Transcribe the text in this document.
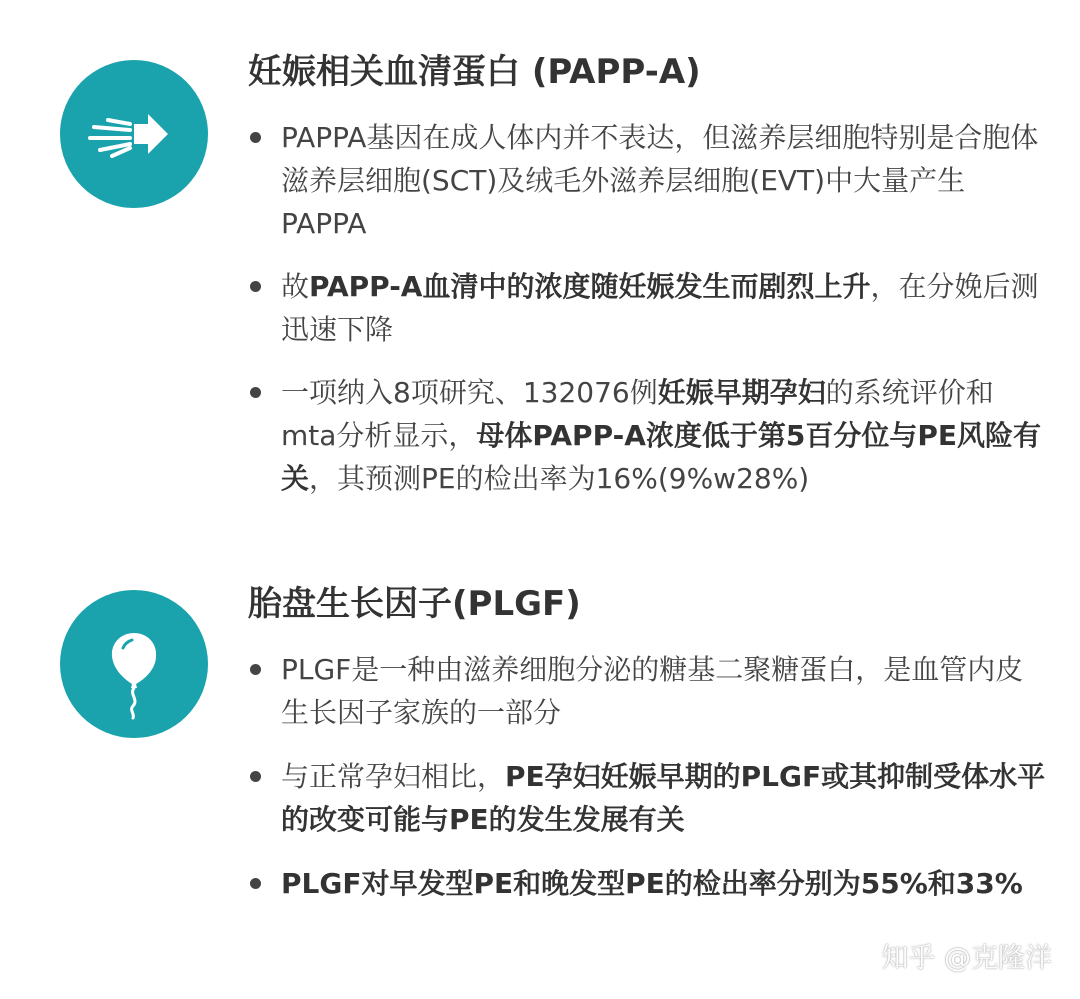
妊娠相关血清蛋白 (PAPP-A)
PAPPA基因在成人体内并不表达，但滋养层细胞特别是合胞体滋养层细胞(SCT)及绒毛外滋养层细胞(EVT)中大量产生PAPPA
故PAPP-A血清中的浓度随妊娠发生而剧烈上升，在分娩后测迅速下降
一项纳入8项研究、132076例妊娠早期孕妇的系统评价和mta分析显示，母体PAPP-A浓度低于第5百分位与PE风险有关，其预测PE的检出率为16%(9%w28%)
胎盘生长因子(PLGF)
PLGF是一种由滋养细胞分泌的糖基二聚糖蛋白，是血管内皮生长因子家族的一部分
与正常孕妇相比，PE孕妇妊娠早期的PLGF或其抑制受体水平的改变可能与PE的发生发展有关
PLGF对早发型PE和晚发型PE的检出率分别为55%和33%
知乎 @克隆洋
